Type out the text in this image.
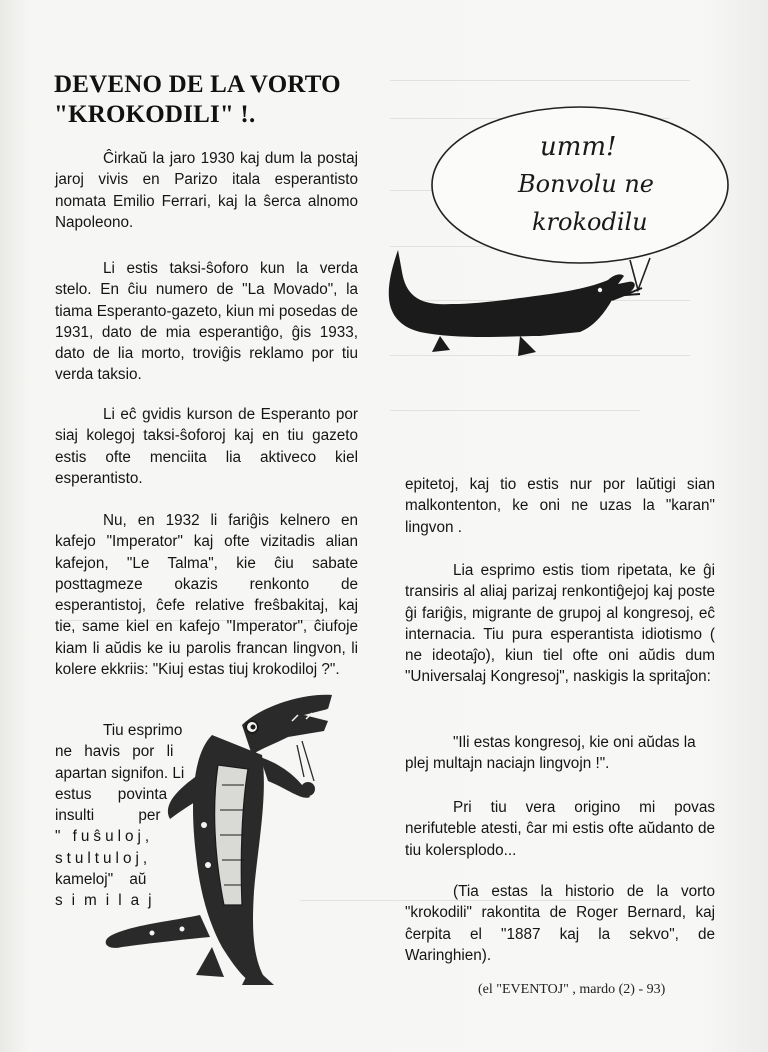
DEVENO DE LA VORTO
"KROKODILI" !.

Ĉirkaŭ la jaro 1930 kaj dum la postaj jaroj vivis en Parizo itala esperantisto nomata Emilio Ferrari, kaj la ŝerca alnomo Napoleono.

Li estis taksi-ŝoforo kun la verda stelo. En ĉiu numero de "La Movado", la tiama Esperanto-gazeto, kiun mi posedas de 1931, dato de mia esperantiĝo, ĝis 1933, dato de lia morto, troviĝis reklamo por tiu verda taksio.

Li eĉ gvidis kurson de Esperanto por siaj kolegoj taksi-ŝoforoj kaj en tiu gazeto estis ofte menciita lia aktiveco kiel esperantisto.

Nu, en 1932 li fariĝis kelnero en kafejo "Imperator" kaj ofte vizitadis alian kafejon, "Le Talma", kie ĉiu sabate posttagmeze okazis renkonto de esperantistoj, ĉefe relative freŝbakitaj, kaj tie, same kiel en kafejo "Imperator", ĉiufoje kiam li aŭdis ke iu parolis francan lingvon, li kolere ekkriis: "Kiuj estas tiuj krokodiloj ?".

Tiu esprimo
ne havis por li
apartan signifon. Li
estus povinta
insulti per
" fuŝuloj,
stultuloj,
kameloj" aŭ
similaj

epitetoj, kaj tio estis nur por laŭtigi sian malkontenton, ke oni ne uzas la "karan" lingvon .

Lia esprimo estis tiom ripetata, ke ĝi transiris al aliaj parizaj renkontiĝejoj kaj poste ĝi fariĝis, migrante de grupoj al kongresoj, eĉ internacia. Tiu pura esperantista idiotismo ( ne ideotaĵo), kiun tiel ofte oni aŭdis dum "Universalaj Kongresoj", naskigis la spritaĵon:

"Ili estas kongresoj, kie oni aŭdas la plej multajn naciajn lingvojn !".

Pri tiu vera origino mi povas nerifuteble atesti, ĉar mi estis ofte aŭdanto de tiu kolersplodo...

(Tia estas la historio de la vorto "krokodili" rakontita de Roger Bernard, kaj ĉerpita el "1887 kaj la sekvo", de Waringhien).

(el "EVENTOJ" , mardo (2) - 93)
umm!
Bonvolu ne
krokodilu
